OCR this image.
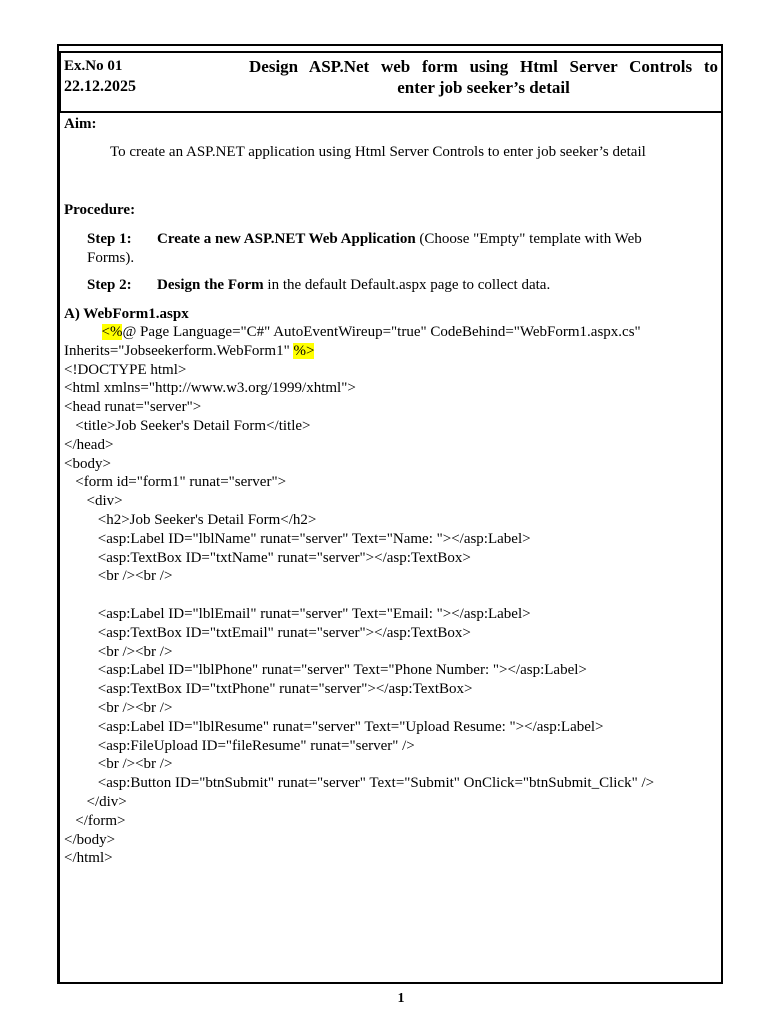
Ex.No 01
22.12.2025
Design ASP.Net web form using Html Server Controls to
enter job seeker’s detail
Aim:
To create an ASP.NET application using Html Server Controls to enter job seeker’s detail
Procedure:
Step 1: Create a new ASP.NET Web Application (Choose "Empty" template with Web Forms).
Step 2: Design the Form in the default Default.aspx page to collect data.
A) WebForm1.aspx
<%@ Page Language="C#" AutoEventWireup="true" CodeBehind="WebForm1.aspx.cs"
Inherits="Jobseekerform.WebForm1" %>
<!DOCTYPE html>
<html xmlns="http://www.w3.org/1999/xhtml">
<head runat="server">
<title>Job Seeker's Detail Form</title>
</head>
<body>
<form id="form1" runat="server">
<div>
<h2>Job Seeker's Detail Form</h2>
<asp:Label ID="lblName" runat="server" Text="Name: "></asp:Label>
<asp:TextBox ID="txtName" runat="server"></asp:TextBox>
<br /><br />
<asp:Label ID="lblEmail" runat="server" Text="Email: "></asp:Label>
<asp:TextBox ID="txtEmail" runat="server"></asp:TextBox>
<br /><br />
<asp:Label ID="lblPhone" runat="server" Text="Phone Number: "></asp:Label>
<asp:TextBox ID="txtPhone" runat="server"></asp:TextBox>
<br /><br />
<asp:Label ID="lblResume" runat="server" Text="Upload Resume: "></asp:Label>
<asp:FileUpload ID="fileResume" runat="server" />
<br /><br />
<asp:Button ID="btnSubmit" runat="server" Text="Submit" OnClick="btnSubmit_Click" />
</div>
</form>
</body>
</html>
1
